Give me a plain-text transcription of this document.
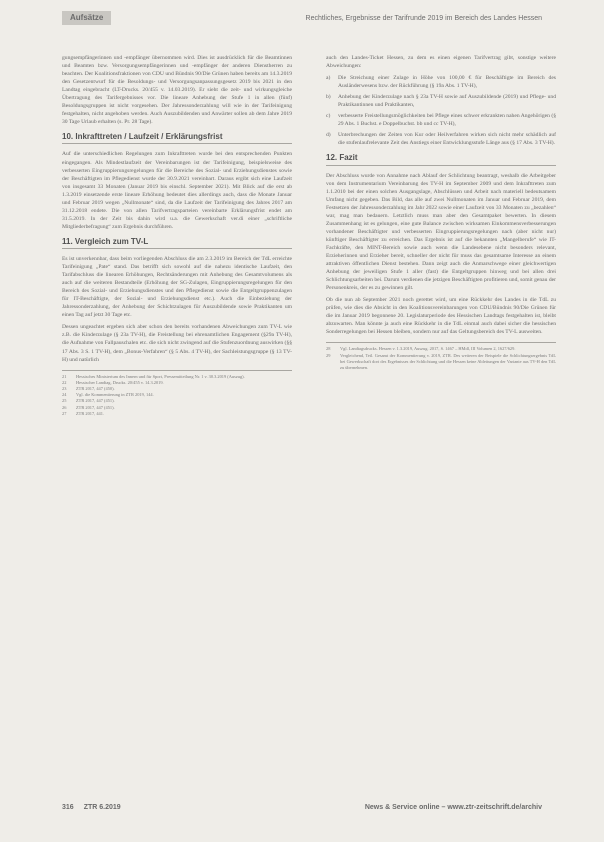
Aufsätze	Rechtliches, Ergebnisse der Tarifrunde 2019 im Bereich des Landes Hessen

gungsempfängerinnen und -empfänger übernommen wird. Dies ist ausdrücklich für die Beamtinnen und Beamten bzw. Versorgungsempfängerinnen und -empfänger der anderen Dienstherren zu beachten. Der Koalitionsfraktionen von CDU und Bündnis 90/Die Grünen haben bereits am 14.3.2019 den Gesetzentwurf für die Besoldungs- und Versorgungsanpassungsgesetz 2019 bis 2021 in den Landtag eingebracht (LT-Drucks. 20/455 v. 14.03.2019). Er sieht die zeit- und wirkungsgleiche Übertragung des Tarifergebnisses vor. Die lineare Anhebung der Stufe 1 in allen (fünf) Besoldungsgruppen ist nicht vorgesehen. Der Jahressonderzahlung will wie in der Tarifeinigung festgehalten, nicht angehoben werden. Auch Auszubildenden und Anwärter sollen ab dem Jahre 2019 30 Tage Urlaub erhalten (s. Pr. 28 Tage).

10. Inkrafttreten / Laufzeit / Erklärungsfrist

Auf die unterschiedlichen Regelungen zum Inkrafttreten wurde bei den entsprechenden Punkten eingegangen. Als Mindestlaufzeit der Vereinbarungen ist der Tarifeinigung, beispielsweise des verbesserten Eingruppierungsregelungen für die Bereiche des Sozial- und Erziehungsdienstes sowie der Beschäftigten im Pflegedienst wurde der 30.9.2021 vereinbart. Daraus ergibt sich eine Laufzeit von insgesamt 33 Monaten (Januar 2019 bis einschl. September 2021). Mit Blick auf die erst ab 1.3.2019 einsetzende erste lineare Erhöhung bedeutet dies allerdings auch, dass die Monate Januar und Februar 2019 wegen „Nullmonate“ sind, da die Laufzeit der Tarifeinigung des Jahres 2017 am 31.12.2018 endete. Die von allen Tarifvertragsparteien vereinbarte Erklärungsfrist endet am 31.5.2019. In der Zeit bis dahin wird u.a. die Gewerkschaft ver.di einer „schriftliche Mitgliederbefragung“ zum Ergebnis durchführen.

11. Vergleich zum TV-L

Es ist unverkennbar, dass beim vorliegenden Abschluss die am 2.3.2019 im Bereich der TdL erreichte Tarifeinigung „Pate“ stand. Das betrifft sich sowohl auf die nahezu identische Laufzeit, den Tarifabschluss die linearen Erhöhungen, Rechtsänderungen mit Anhebung des Gesamtvolumens als auch auf die weiteren Bestandteile (Erhöhung der SG-Zulagen, Eingruppierungsregelungen für den Bereich des Sozial- und Erziehungsdienstes und den Pflegedienst sowie die Entgeltgruppenzulagen für IT-Beschäftigte, der Sozial- und Erziehungsdienst etc.). Auch die Einbeziehung der Jahressonderzahlung, der Anhebung der Schichtzulagen für Auszubildende sowie Praktikanten um einen Tag auf jetzt 30 Tage etc.

Dessen ungeachtet ergeben sich aber schon den bereits vorhandenen Abweichungen zum TV-L wie z.B. die Kinderzulage (§ 23a TV-H), die Freistellung bei ehrenamtlichen Engagement (§29a TV-H), die Aufnahme von Fallpauschalen etc. die sich nicht zwingend auf die Stufenzuordnung auswirken (§§ 17 Abs. 3 S. 1 TV-H), dem „Bonus-Verfahren“ (§ 5 Abs. 4 TV-H), der Sachleistungsgruppe (§ 13 TV-H) und natürlich

21	Hessisches Ministerium des Innern und für Sport, Pressemitteilung Nr. 1 v. 30.3.2019 (Auszug).
22	Hessischer Landtag, Drucks. 20/455 v. 14.3.2019.
23	ZTR 2017, 447 (450).
24	Vgl. die Kommentierung in ZTR 2019, 144.
25	ZTR 2017, 447 (451).
26	ZTR 2017, 447 (451).
27	ZTR 2017, 441.

auch den Landes-Ticket Hessen, zu dem es einen eigenen Tarifvertrag gibt, sonstige weitere Abweichungen:

a)	Die Streichung einer Zulage in Höhe von 100,00 € für Beschäftigte im Bereich des Ausländerwesens bzw. der Rückführung (§ 19a Abs. 1 TV-H),
b)	Anhebung der Kinderzulage nach § 23a TV-H sowie auf Auszubildende (2019) und Pflege- und Praktikantinnen und Praktikanten,
c)	verbesserte Freistellungsmöglichkeiten bei Pflege eines schwer erkrankten nahen Angehörigen (§ 29 Abs. 1 Buchst. e Doppelbuchst. bb und cc TV-H),
d)	Unterbrechungen der Zeiten von Kur oder Heilverfahren wirken sich nicht mehr schädlich auf die stufenlaufrelevante Zeit des Anstiegs einer Entwicklungsstufe Länge aus (§ 17 Abs. 3 TV-H).
12. Fazit

Der Abschluss wurde von Annahme nach Ablauf der Schlichtung beantragt, weshalb die Arbeitgeber von dem Instrumentarium Vereinbarung des TV-H im September 2009 und dem Inkrafttreten zum 1.1.2010 bei der einen solchen Ausgangslage, Abschlüssen und Arbeit nach materiell bedeutsamem Umfang nicht gegeben. Das Bild, das alle auf zwei Nullmonaten im Januar und Februar 2019, dem Festsetzen der Jahressonderzahlung im Jahr 2022 sowie einer Laufzeit von 33 Monaten zu „bezahlen“ war, mag man bedauern. Letztlich muss man aber den Gesamtpaket bewerten. In diesem Zusammenhang ist es gelungen, eine gute Balance zwischen wirksamen Einkommensverbesserungen vorhandener Beschäftigter und verbesserten Eingruppierungsregelungen nach (aber nicht nur) künftiger Beschäftigter zu erreichen. Das Ergebnis ist auf die bekannten „Mangelberufe“ wie IT-Fachkräfte, den MINT-Bereich sowie auch wenn die Landesebene nicht besonders relevant, Erzieherinnen und Erzieher bereit, schneller der nicht für muss das gesamtsame Interesse an einem attraktiven öffentlichen Dienst bestehen. Dann zeigt auch die Anmarschwege einer gleichwertigen Anhebung der jeweiligen Stufe 1 aller (fast) die Entgeltgruppen hinweg und bei allen drei Schlichtungsarbeiten bei. Darum verdienen die jetzigen Beschäftigten profitieren und, somit genau der Personenkreis, der es zu gewinnen gilt.

Ob die nun ab September 2021 noch gerettet wird, um eine Rückkehr des Landes in die TdL zu prüfen, wie dies die Absicht in den Koalitionsvereinbarungen von CDU/Bündnis 90/Die Grünen für die im Januar 2019 begonnene 20. Legislaturperiode des Hessischen Landtags festgehalten ist, bleibt abzuwarten. Man könnte ja auch eine Rückkehr in die TdL einmal auch dabei sicher die hessischen Sonderregelungen bei Hessen bleiben, sondern nur auf das Geltungsbereich des TV-L ausweiten.

28	Vgl. Landtagsdrucks. Hessen v. 1.3.2019, Auszug. 2017, S. 1467 – HMdl, III Volumen 2, 1627/629.
29	Vergleichend, Teil. Gesamt der Kommentierung v. 2019, ZTR. Des weiteren der Beispiele die Schlichtungsergebnis TdL bei Gewerkschaft dort des Ergebnisses der Schlichtung und die Hessen keine Ableitungen der Variante aus TV-H den TdL zu übernehmen.
316 ZTR 6.2019	News & Service online – www.ztr-zeitschrift.de/archiv
